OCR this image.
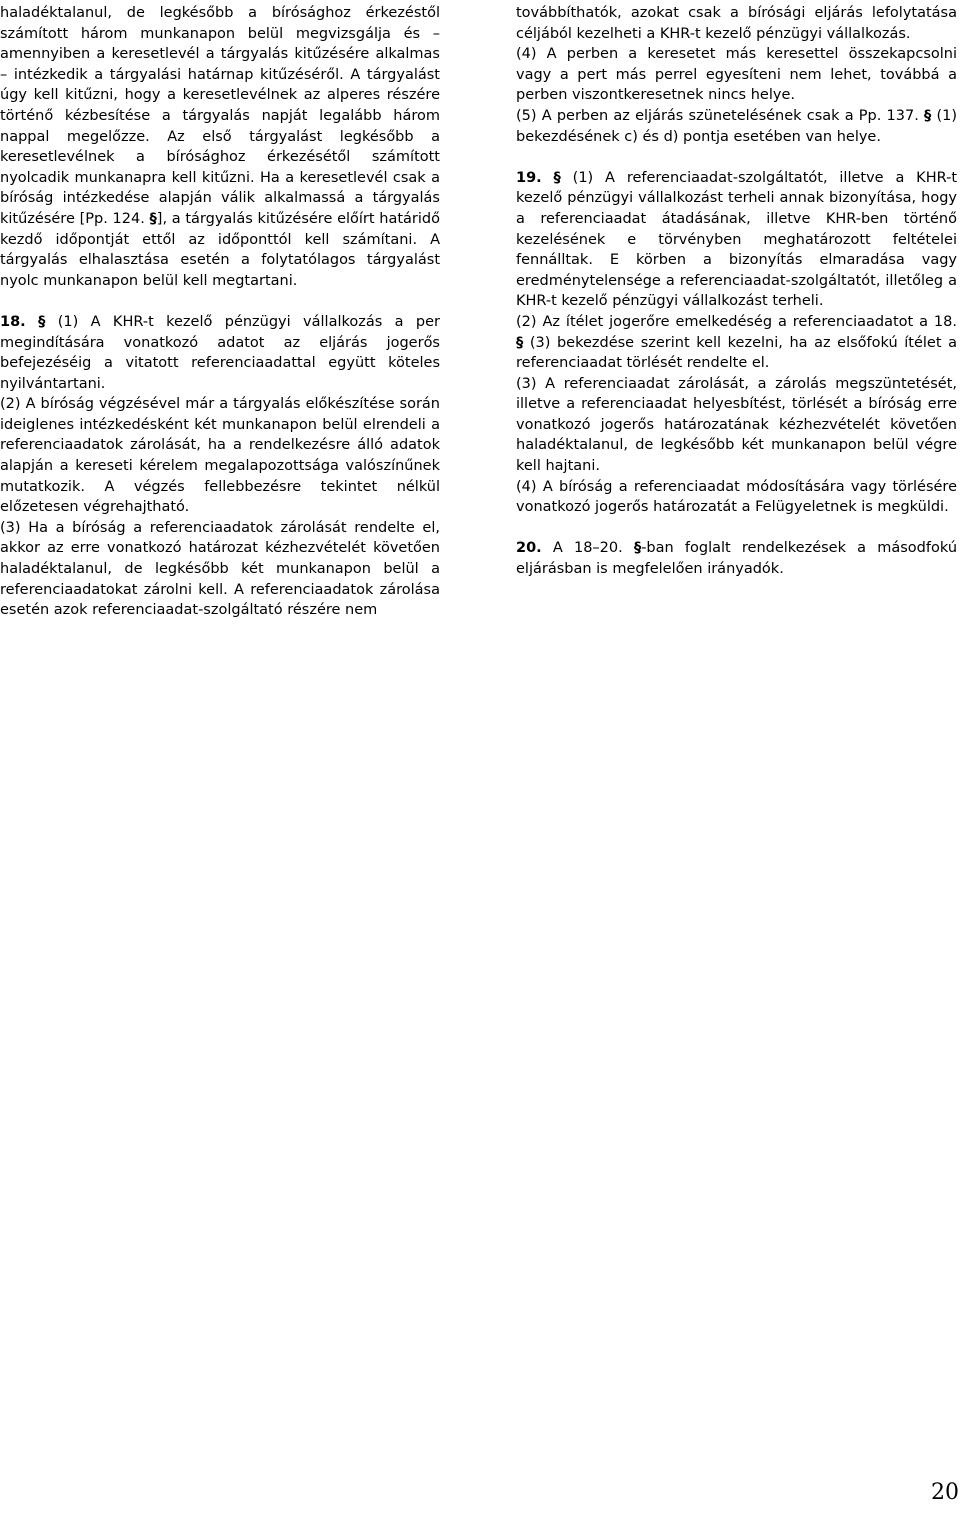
haladéktalanul, de legkésőbb a bírósághoz érkezéstől számított három munkanapon belül megvizsgálja és – amennyiben a keresetlevél a tárgyalás kitűzésére alkalmas – intézkedik a tárgyalási határnap kitűzéséről. A tárgyalást úgy kell kitűzni, hogy a keresetlevélnek az alperes részére történő kézbesítése a tárgyalás napját legalább három nappal megelőzze. Az első tárgyalást legkésőbb a keresetlevélnek a bírósághoz érkezésétől számított nyolcadik munkanapra kell kitűzni. Ha a keresetlevél csak a bíróság intézkedése alapján válik alkalmassá a tárgyalás kitűzésére [Pp. 124. §], a tárgyalás kitűzésére előírt határidő kezdő időpontját ettől az időponttól kell számítani. A tárgyalás elhalasztása esetén a folytatólagos tárgyalást nyolc munkanapon belül kell megtartani.

18. § (1) A KHR-t kezelő pénzügyi vállalkozás a per megindítására vonatkozó adatot az eljárás jogerős befejezéséig a vitatott referenciaadattal együtt köteles nyilvántartani.

(2) A bíróság végzésével már a tárgyalás előkészítése során ideiglenes intézkedésként két munkanapon belül elrendeli a referenciaadatok zárolását, ha a rendelkezésre álló adatok alapján a kereseti kérelem megalapozottsága valószínűnek mutatkozik. A végzés fellebbezésre tekintet nélkül előzetesen végrehajtható.

(3) Ha a bíróság a referenciaadatok zárolását rendelte el, akkor az erre vonatkozó határozat kézhezvételét követően haladéktalanul, de legkésőbb két munkanapon belül a referenciaadatokat zárolni kell. A referenciaadatok zárolása esetén azok referenciaadat-szolgáltató részére nem

továbbíthatók, azokat csak a bírósági eljárás lefolytatása céljából kezelheti a KHR-t kezelő pénzügyi vállalkozás.

(4) A perben a keresetet más keresettel összekapcsolni vagy a pert más perrel egyesíteni nem lehet, továbbá a perben viszontkeresetnek nincs helye.

(5) A perben az eljárás szünetelésének csak a Pp. 137. § (1) bekezdésének c) és d) pontja esetében van helye.

19. § (1) A referenciaadat-szolgáltatót, illetve a KHR-t kezelő pénzügyi vállalkozást terheli annak bizonyítása, hogy a referenciaadat átadásának, illetve KHR-ben történő kezelésének e törvényben meghatározott feltételei fennálltak. E körben a bizonyítás elmaradása vagy eredménytelensége a referenciaadat-szolgáltatót, illetőleg a KHR-t kezelő pénzügyi vállalkozást terheli.

(2) Az ítélet jogerőre emelkedéség a referenciaadatot a 18. § (3) bekezdése szerint kell kezelni, ha az elsőfokú ítélet a referenciaadat törlését rendelte el.

(3) A referenciaadat zárolását, a zárolás megszüntetését, illetve a referenciaadat helyesbítést, törlését a bíróság erre vonatkozó jogerős határozatának kézhezvételét követően haladéktalanul, de legkésőbb két munkanapon belül végre kell hajtani.

(4) A bíróság a referenciaadat módosítására vagy törlésére vonatkozó jogerős határozatát a Felügyeletnek is megküldi.

20. A 18–20. §-ban foglalt rendelkezések a másodfokú eljárásban is megfelelően irányadók.

20
